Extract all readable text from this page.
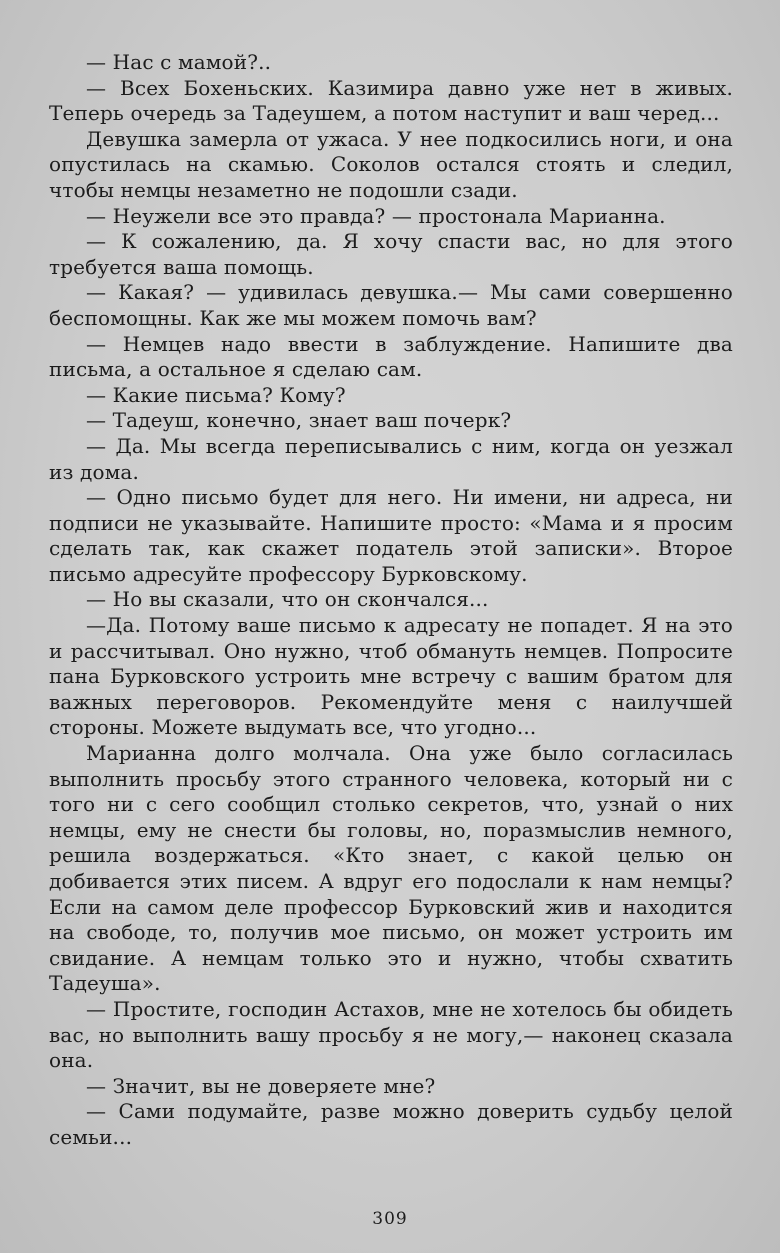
— Нас с мамой?..

— Всех Бохеньских. Казимира давно уже нет в живых. Теперь очередь за Тадеушем, а потом наступит и ваш черед...

Девушка замерла от ужаса. У нее подкосились ноги, и она опустилась на скамью. Соколов остался стоять и следил, чтобы немцы незаметно не подошли сзади.

— Неужели все это правда? — простонала Марианна.

— К сожалению, да. Я хочу спасти вас, но для этого требуется ваша помощь.

— Какая? — удивилась девушка.— Мы сами совершенно беспомощны. Как же мы можем помочь вам?

— Немцев надо ввести в заблуждение. Напишите два письма, а остальное я сделаю сам.

— Какие письма? Кому?

— Тадеуш, конечно, знает ваш почерк?

— Да. Мы всегда переписывались с ним, когда он уезжал из дома.

— Одно письмо будет для него. Ни имени, ни адреса, ни подписи не указывайте. Напишите просто: «Мама и я просим сделать так, как скажет податель этой записки». Второе письмо адресуйте профессору Бурковскому.

— Но вы сказали, что он скончался...

—Да. Потому ваше письмо к адресату не попадет. Я на это и рассчитывал. Оно нужно, чтоб обмануть немцев. Попросите пана Бурковского устроить мне встречу с вашим братом для важных переговоров. Рекомендуйте меня с наилучшей стороны. Можете выдумать все, что угодно...

Марианна долго молчала. Она уже было согласилась выполнить просьбу этого странного человека, который ни с того ни с сего сообщил столько секретов, что, узнай о них немцы, ему не снести бы головы, но, поразмыслив немного, решила воздержаться. «Кто знает, с какой целью он добивается этих писем. А вдруг его подослали к нам немцы? Если на самом деле профессор Бурковский жив и находится на свободе, то, получив мое письмо, он может устроить им свидание. А немцам только это и нужно, чтобы схватить Тадеуша».

— Простите, господин Астахов, мне не хотелось бы обидеть вас, но выполнить вашу просьбу я не могу,— наконец сказала она.

— Значит, вы не доверяете мне?

— Сами подумайте, разве можно доверить судьбу целой семьи...

309
